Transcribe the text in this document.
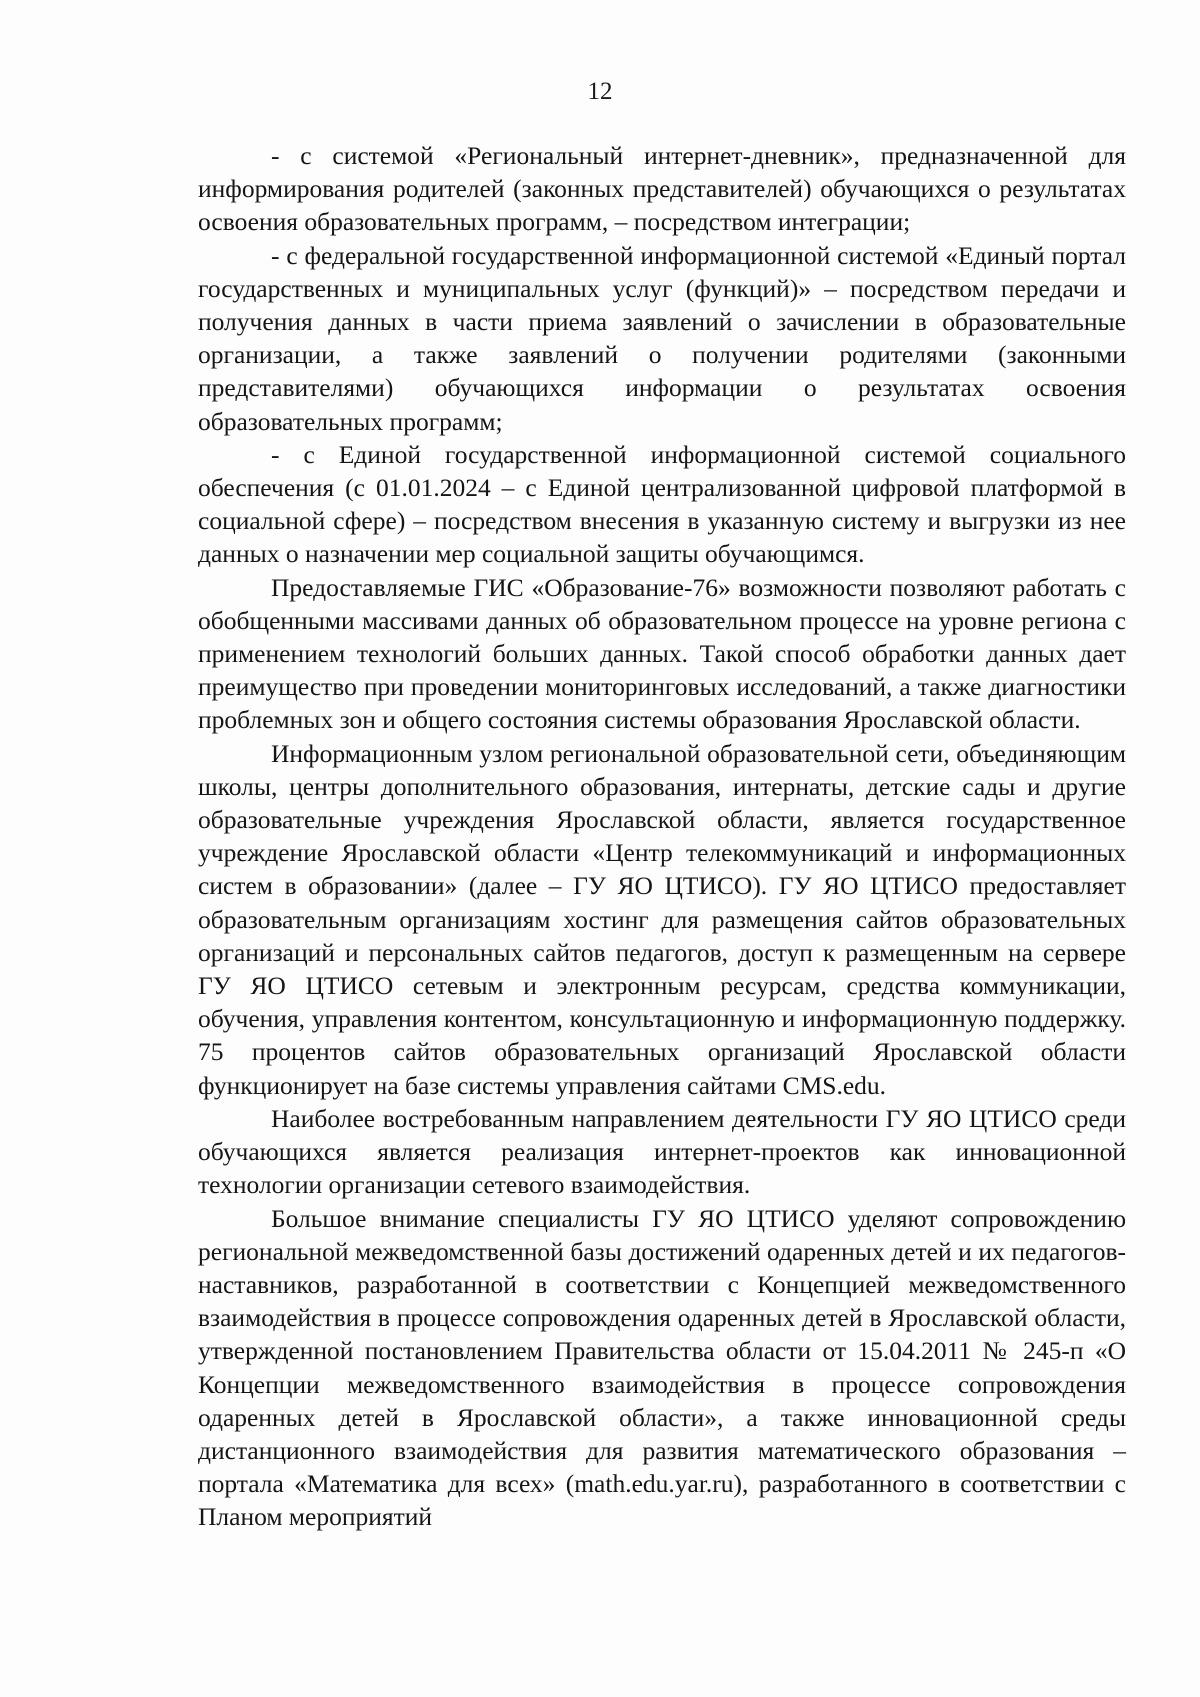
12

- с системой «Региональный интернет-дневник», предназначенной для информирования родителей (законных представителей) обучающихся о результатах освоения образовательных программ, – посредством интеграции;

- с федеральной государственной информационной системой «Единый портал государственных и муниципальных услуг (функций)» – посредством передачи и получения данных в части приема заявлений о зачислении в образовательные организации, а также заявлений о получении родителями (законными представителями) обучающихся информации о результатах освоения образовательных программ;

- с Единой государственной информационной системой социального обеспечения (с 01.01.2024 – с Единой централизованной цифровой платформой в социальной сфере) – посредством внесения в указанную систему и выгрузки из нее данных о назначении мер социальной защиты обучающимся.

Предоставляемые ГИС «Образование-76» возможности позволяют работать с обобщенными массивами данных об образовательном процессе на уровне региона с применением технологий больших данных. Такой способ обработки данных дает преимущество при проведении мониторинговых исследований, а также диагностики проблемных зон и общего состояния системы образования Ярославской области.

Информационным узлом региональной образовательной сети, объединяющим школы, центры дополнительного образования, интернаты, детские сады и другие образовательные учреждения Ярославской области, является государственное учреждение Ярославской области «Центр телекоммуникаций и информационных систем в образовании» (далее – ГУ ЯО ЦТИСО). ГУ ЯО ЦТИСО предоставляет образовательным организациям хостинг для размещения сайтов образовательных организаций и персональных сайтов педагогов, доступ к размещенным на сервере ГУ ЯО ЦТИСО сетевым и электронным ресурсам, средства коммуникации, обучения, управления контентом, консультационную и информационную поддержку. 75 процентов сайтов образовательных организаций Ярославской области функционирует на базе системы управления сайтами CMS.edu.

Наиболее востребованным направлением деятельности ГУ ЯО ЦТИСО среди обучающихся является реализация интернет-проектов как инновационной технологии организации сетевого взаимодействия.

Большое внимание специалисты ГУ ЯО ЦТИСО уделяют сопровождению региональной межведомственной базы достижений одаренных детей и их педагогов-наставников, разработанной в соответствии с Концепцией межведомственного взаимодействия в процессе сопровождения одаренных детей в Ярославской области, утвержденной постановлением Правительства области от 15.04.2011 № 245-п «О Концепции межведомственного взаимодействия в процессе сопровождения одаренных детей в Ярославской области», а также инновационной среды дистанционного взаимодействия для развития математического образования – портала «Математика для всех» (math.edu.yar.ru), разработанного в соответствии с Планом мероприятий
